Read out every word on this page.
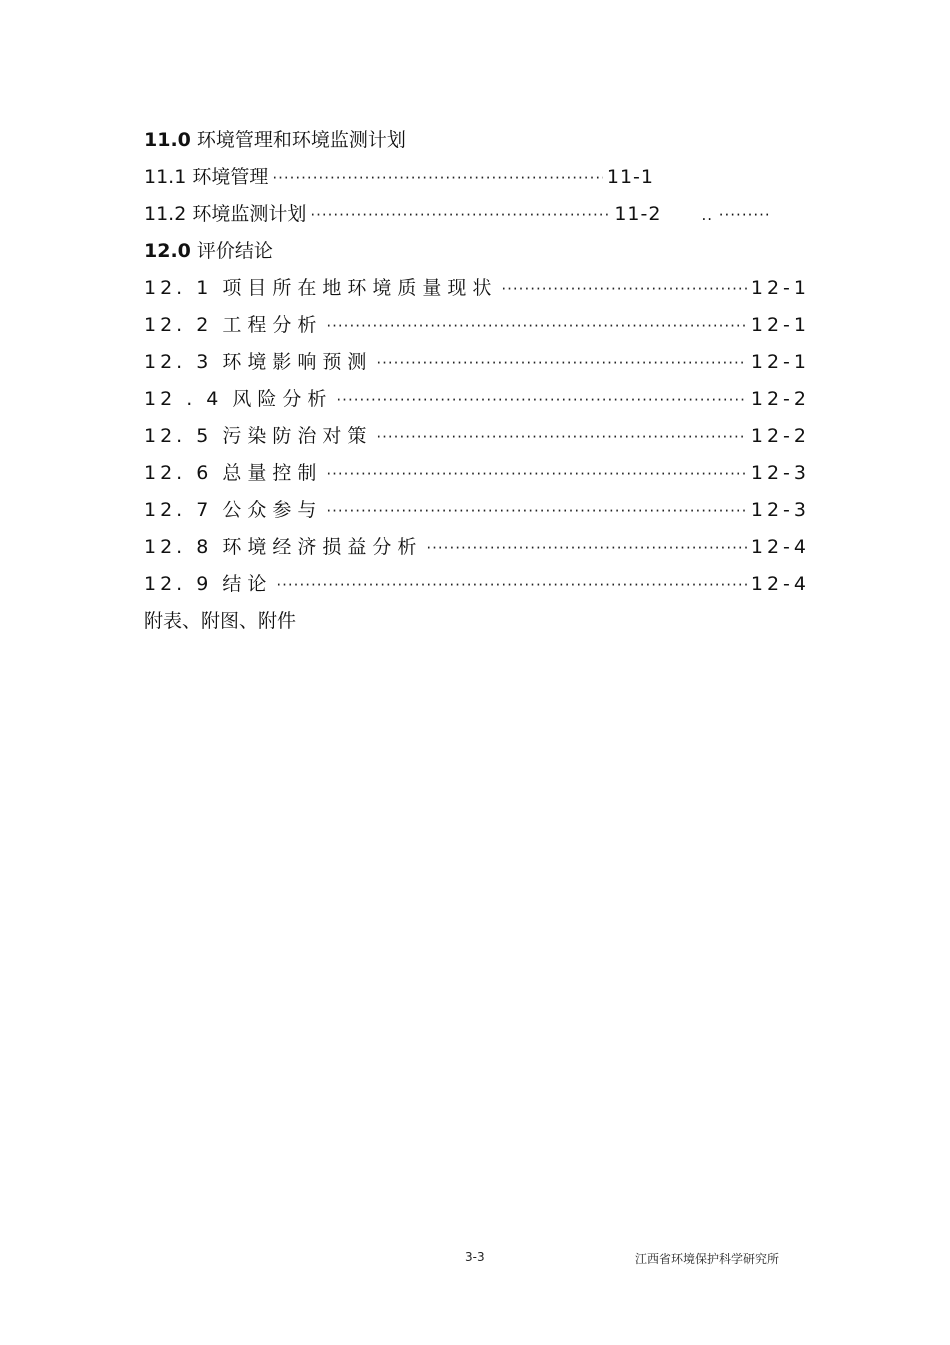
11.0 环境管理和环境监测计划
11.1 环境管理 ·····	11-1
11.2 环境监测计划 ·····	11-2	.. ·········
12.0 评价结论
12. 1 项目所在地环境质量现状 ·····	12-1
12. 2 工程分析 ·····	12-1
12. 3 环境影响预测 ·····	12-1
12 . 4 风险分析 ·····	12-2
12. 5 污染防治对策 ·····	12-2
12. 6 总量控制 ·····	12-3
12. 7 公众参与 ·····	12-3
12. 8 环境经济损益分析 ·····	12-4
12. 9 结论 ·····	12-4
附表、附图、附件
3-3	江西省环境保护科学研究所
